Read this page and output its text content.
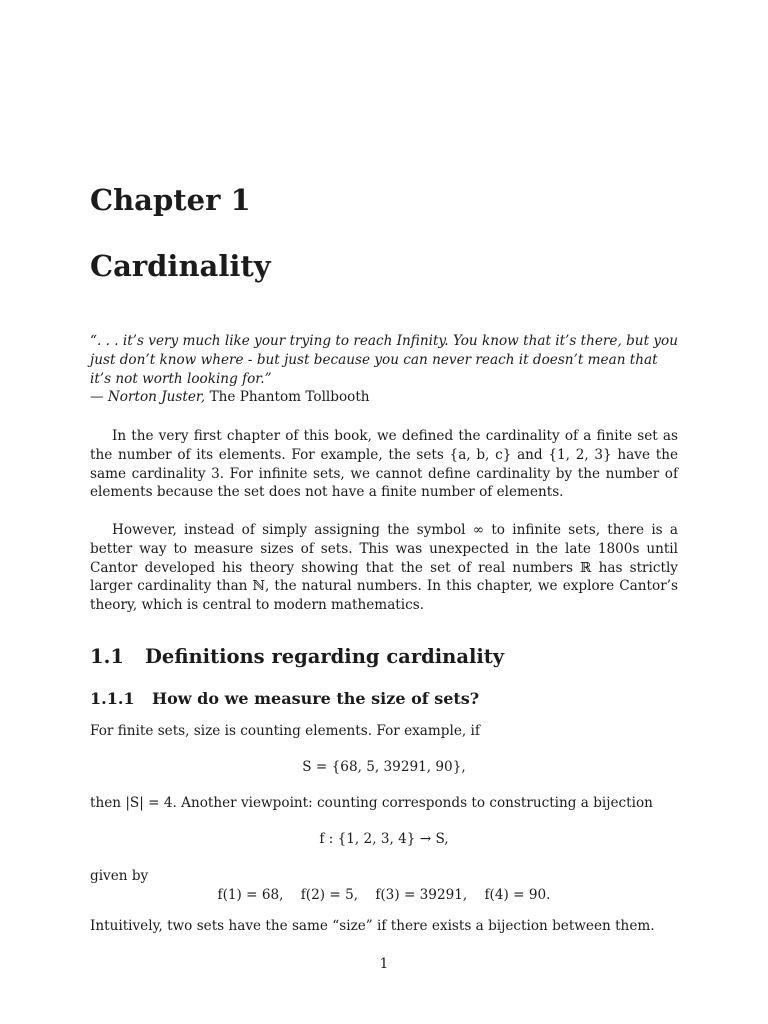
Chapter 1
Cardinality
“. . . it’s very much like your trying to reach Infinity. You know that it’s there, but you just don’t know where - but just because you can never reach it doesn’t mean that it’s not worth looking for.”
— Norton Juster, The Phantom Tollbooth

In the very first chapter of this book, we defined the cardinality of a finite set as the number of its elements. For example, the sets {a, b, c} and {1, 2, 3} have the same cardinality 3. For infinite sets, we cannot define cardinality by the number of elements because the set does not have a finite number of elements.

However, instead of simply assigning the symbol ∞ to infinite sets, there is a better way to measure sizes of sets. This was unexpected in the late 1800s until Cantor developed his theory showing that the set of real numbers ℝ has strictly larger cardinality than ℕ, the natural numbers. In this chapter, we explore Cantor’s theory, which is central to modern mathematics.

1.1 Definitions regarding cardinality
1.1.1 How do we measure the size of sets?
For finite sets, size is counting elements. For example, if
S = {68, 5, 39291, 90},
then |S| = 4. Another viewpoint: counting corresponds to constructing a bijection
f : {1, 2, 3, 4} → S,
given by
f(1) = 68,    f(2) = 5,    f(3) = 39291,    f(4) = 90.
Intuitively, two sets have the same “size” if there exists a bijection between them.
1
